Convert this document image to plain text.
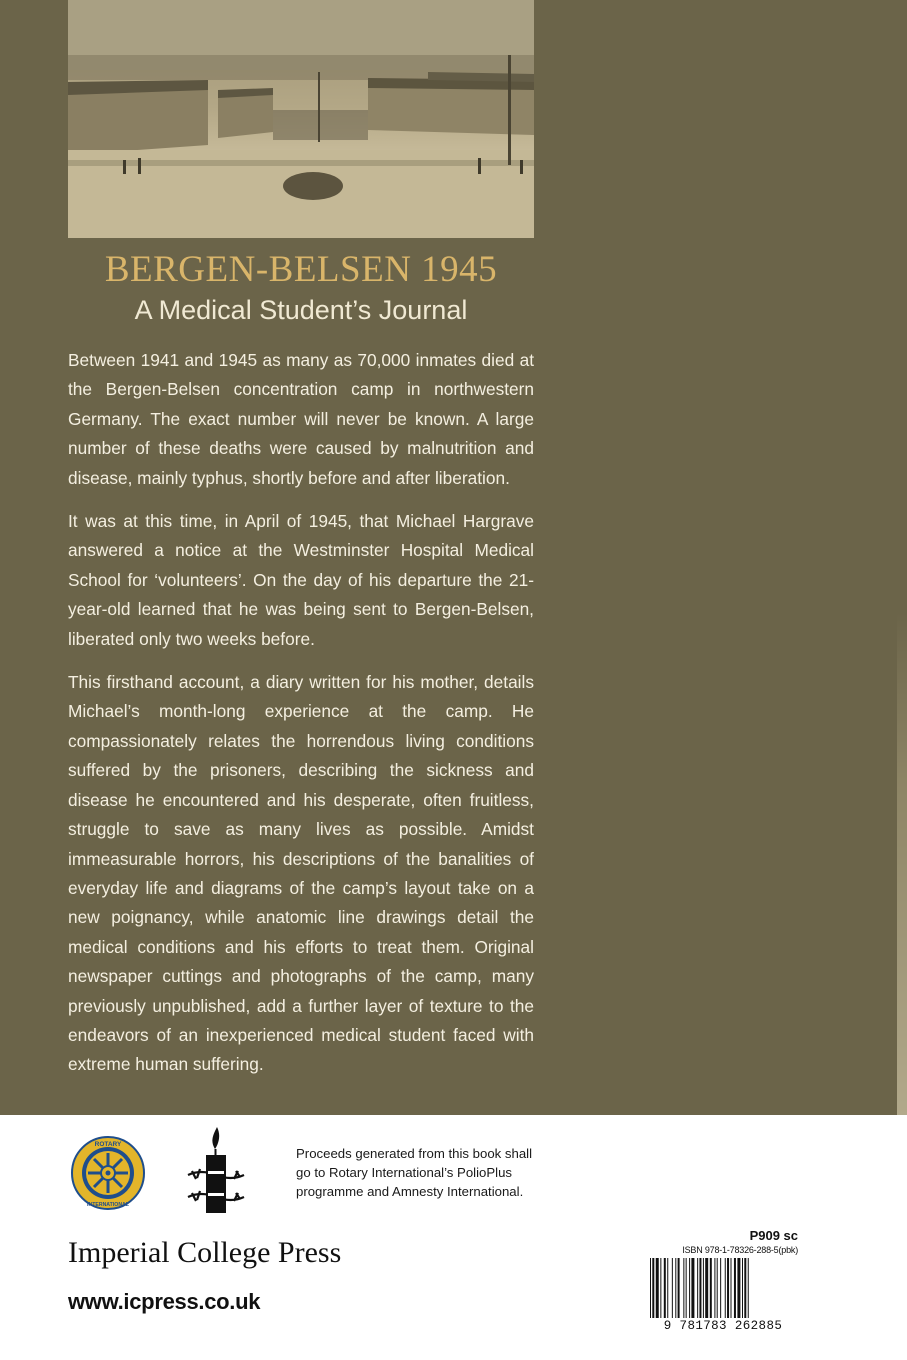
BERGEN-BELSEN 1945
A Medical Student’s Journal

Between 1941 and 1945 as many as 70,000 inmates died at the Bergen-Belsen concentration camp in northwestern Germany. The exact number will never be known. A large number of these deaths were caused by malnutrition and disease, mainly typhus, shortly before and after liberation.

It was at this time, in April of 1945, that Michael Hargrave answered a notice at the Westminster Hospital Medical School for ‘volunteers’. On the day of his departure the 21-year-old learned that he was being sent to Bergen-Belsen, liberated only two weeks before.

This firsthand account, a diary written for his mother, details Michael’s month-long experience at the camp. He compassionately relates the horrendous living conditions suffered by the prisoners, describing the sickness and disease he encountered and his desperate, often fruitless, struggle to save as many lives as possible. Amidst immeasurable horrors, his descriptions of the banalities of everyday life and diagrams of the camp’s layout take on a new poignancy, while anatomic line drawings detail the medical conditions and his efforts to treat them. Original newspaper cuttings and photographs of the camp, many previously unpublished, add a further layer of texture to the endeavors of an inexperienced medical student faced with extreme human suffering.

ROTARY
INTERNATIONAL

Proceeds generated from this book shall go to Rotary International’s PolioPlus programme and Amnesty International.

Imperial College Press

www.icpress.co.uk

P909 sc

ISBN 978-1-78326-288-5(pbk)

9 781783 262885
